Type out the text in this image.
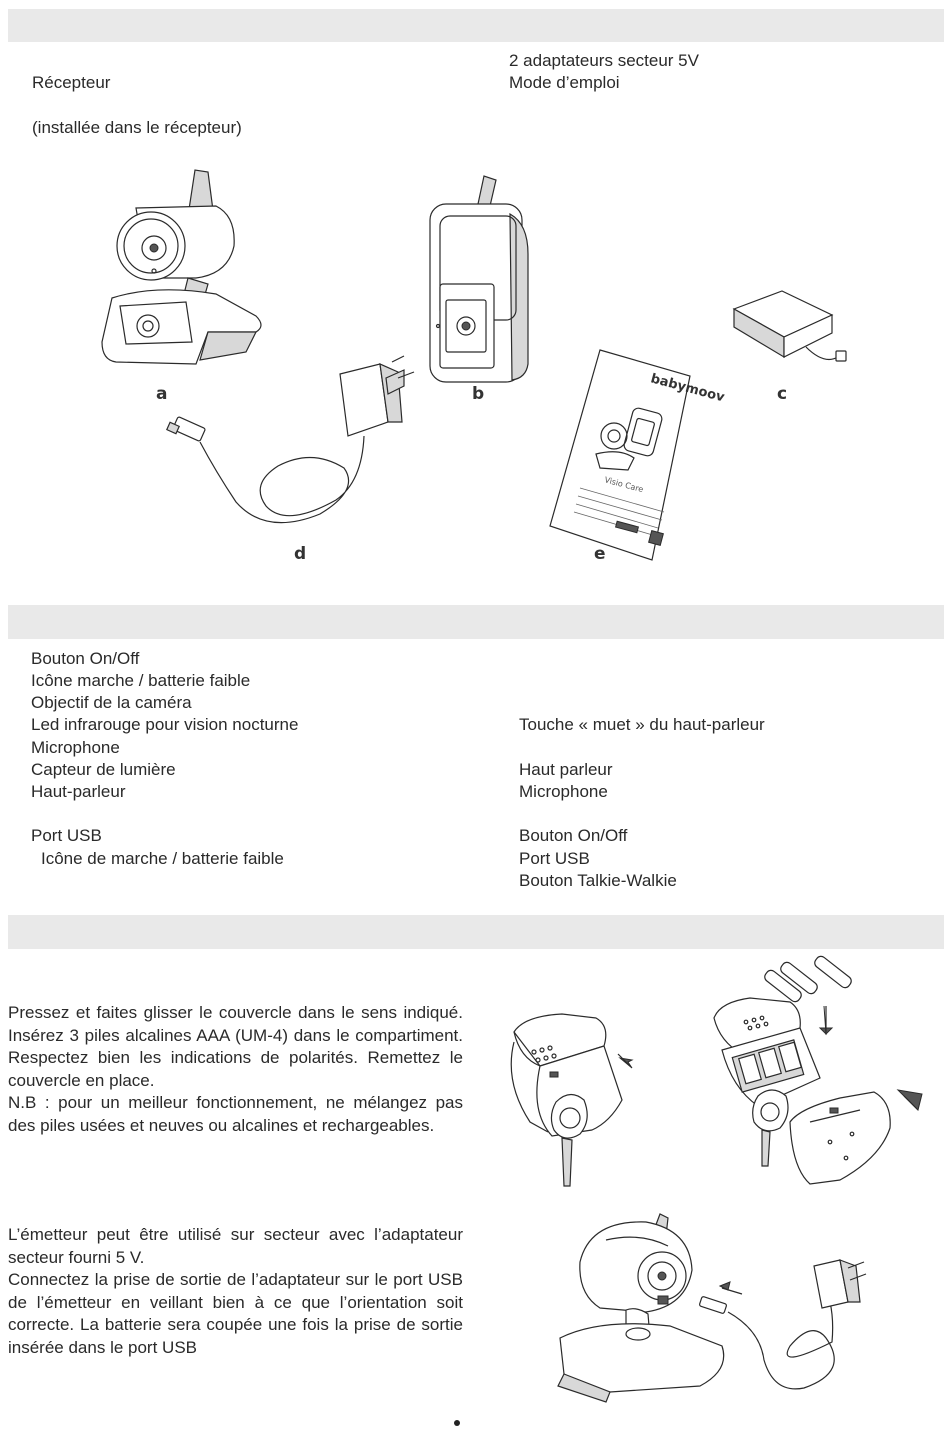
Récepteur
(installée dans le récepteur)
2 adaptateurs secteur 5V
Mode d’emploi
a	b	c
d
babymoov
Visio Care
e
Bouton On/Off
Icône marche / batterie faible
Objectif de la caméra
Led infrarouge pour vision nocturne
Microphone
Capteur de lumière
Haut-parleur
Port USB
Icône de marche / batterie faible
Touche « muet » du haut-parleur
Haut parleur
Microphone
Bouton On/Off
Port USB
Bouton Talkie-Walkie

Pressez et faites glisser le couvercle dans le sens indiqué. Insérez 3 piles alcalines AAA (UM-4) dans le compartiment. Respectez bien les indications de polarités. Remettez le couvercle en place.

N.B : pour un meilleur fonctionnement, ne mélangez pas des piles usées et neuves ou alcalines et rechargeables.

L’émetteur peut être utilisé sur secteur avec l’adaptateur secteur fourni 5 V.

Connectez la prise de sortie de l’adaptateur sur le port USB de l’émetteur en veillant bien à ce que l’orientation soit correcte. La batterie sera coupée une fois la prise de sortie insérée dans le port USB
